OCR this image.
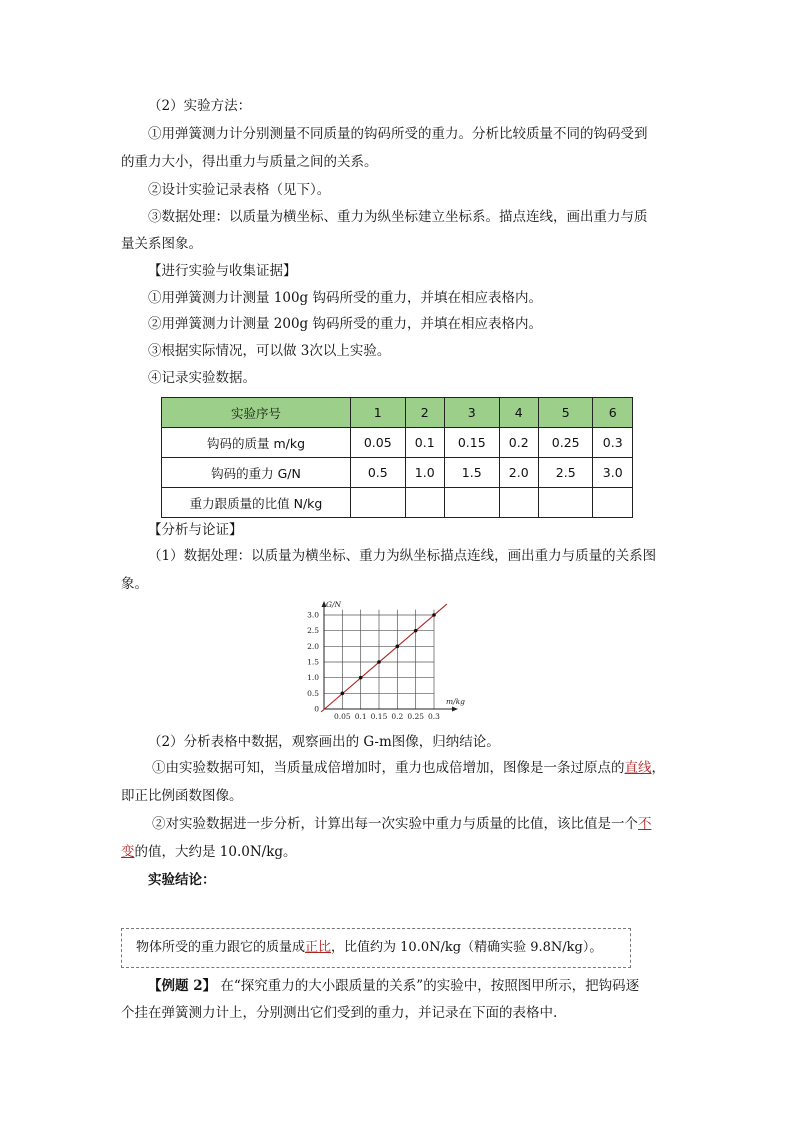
（2）实验方法：

①用弹簧测力计分别测量不同质量的钩码所受的重力。分析比较质量不同的钩码受到

的重力大小，得出重力与质量之间的关系。

②设计实验记录表格（见下）。

③数据处理：以质量为横坐标、重力为纵坐标建立坐标系。描点连线，画出重力与质

量关系图象。

【进行实验与收集证据】

①用弹簧测力计测量 100g 钩码所受的重力，并填在相应表格内。

②用弹簧测力计测量 200g 钩码所受的重力，并填在相应表格内。

③根据实际情况，可以做 3次以上实验。

④记录实验数据。

实验序号	1	2	3	4	5	6
钩码的质量 m/kg	0.05	0.1	0.15	0.2	0.25	0.3
钩码的重力 G/N	0.5	1.0	1.5	2.0	2.5	3.0
重力跟质量的比值 N/kg						

【分析与论证】

（1）数据处理：以质量为横坐标、重力为纵坐标描点连线，画出重力与质量的关系图

象。

0.05 0.1 0.15 0.2 0.25 0.3
0
0.5
1.0
1.5
2.0
2.5
3.0
G/N
m/kg

（2）分析表格中数据，观察画出的 G-m图像，归纳结论。

①由实验数据可知，当质量成倍增加时，重力也成倍增加，图像是一条过原点的直线，

即正比例函数图像。

②对实验数据进一步分析，计算出每一次实验中重力与质量的比值，该比值是一个不

变的值，大约是 10.0N/kg。

实验结论：

物体所受的重力跟它的质量成正比，比值约为 10.0N/kg（精确实验 9.8N/kg）。

【例题 2】 在“探究重力的大小跟质量的关系”的实验中，按照图甲所示，把钩码逐

个挂在弹簧测力计上，分别测出它们受到的重力，并记录在下面的表格中.
